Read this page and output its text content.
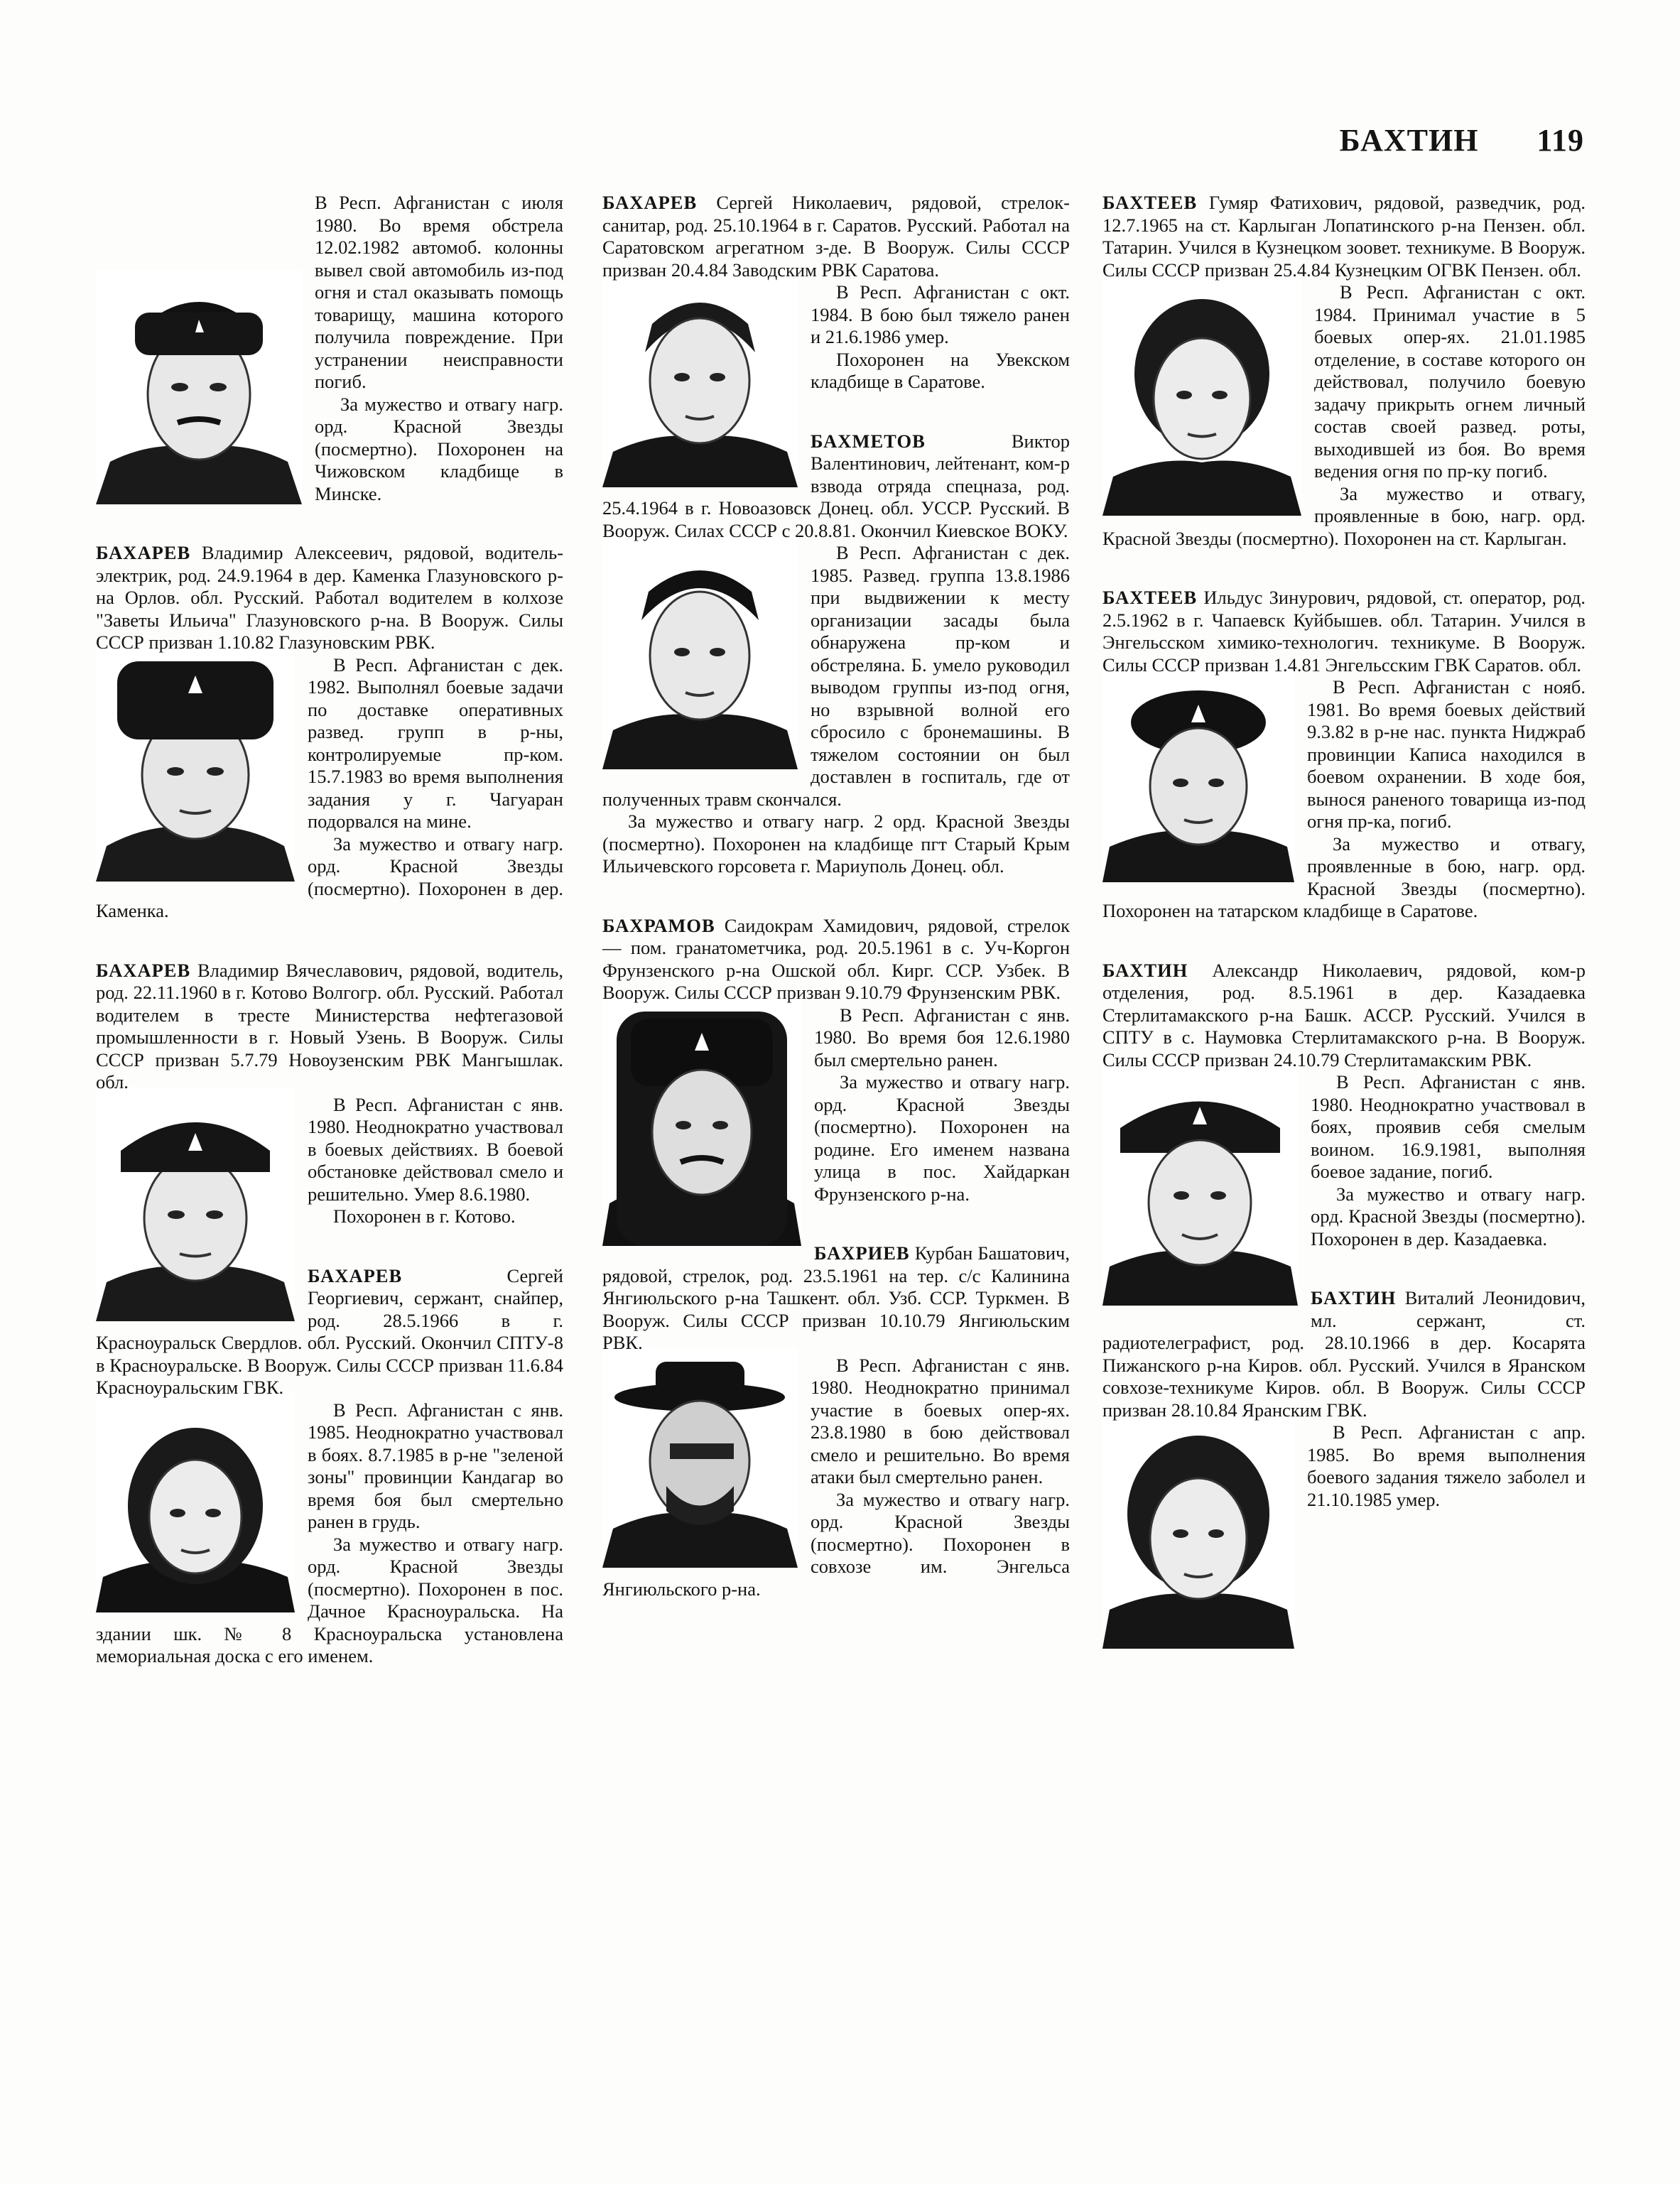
БАХТИН 119

В Респ. Афганистан с июля 1980. Во время обстрела 12.02.1982 автомоб. колонны вывел свой автомобиль из-под огня и стал оказывать помощь товарищу, машина которого получила повреждение. При устранении неисправности погиб.

За мужество и отвагу нагр. орд. Красной Звезды (посмертно). Похоронен на Чижовском кладбище в Минске.

БАХАРЕВ Владимир Алексеевич, рядовой, водитель-электрик, род. 24.9.1964 в дер. Каменка Глазуновского р-на Орлов. обл. Русский. Работал водителем в колхозе "Заветы Ильича" Глазуновского р-на. В Вооруж. Силы СССР призван 1.10.82 Глазуновским РВК.

В Респ. Афганистан с дек. 1982. Выполнял боевые задачи по доставке оперативных развед. групп в р-ны, контролируемые пр-ком. 15.7.1983 во время выполнения задания у г. Чагуаран подорвался на мине.

За мужество и отвагу нагр. орд. Красной Звезды (посмертно). Похоронен в дер. Каменка.

БАХАРЕВ Владимир Вячеславович, рядовой, водитель, род. 22.11.1960 в г. Котово Волгогр. обл. Русский. Работал водителем в тресте Министерства нефтегазовой промышленности в г. Новый Узень. В Вооруж. Силы СССР призван 5.7.79 Новоузенским РВК Мангышлак. обл.

В Респ. Афганистан с янв. 1980. Неоднократно участвовал в боевых действиях. В боевой обстановке действовал смело и решительно. Умер 8.6.1980.

Похоронен в г. Котово.

БАХАРЕВ Сергей Георгиевич, сержант, снайпер, род. 28.5.1966 в г. Красноуральск Свердлов. обл. Русский. Окончил СПТУ-8 в Красноуральске. В Вооруж. Силы СССР призван 11.6.84 Красноуральским ГВК.

В Респ. Афганистан с янв. 1985. Неоднократно участвовал в боях. 8.7.1985 в р-не "зеленой зоны" провинции Кандагар во время боя был смертельно ранен в грудь.

За мужество и отвагу нагр. орд. Красной Звезды (посмертно). Похоронен в пос. Дачное Красноуральска. На здании шк. № 8 Красноуральска установлена мемориальная доска с его именем.

БАХАРЕВ Сергей Николаевич, рядовой, стрелок-санитар, род. 25.10.1964 в г. Саратов. Русский. Работал на Саратовском агрегатном з-де. В Вооруж. Силы СССР призван 20.4.84 Заводским РВК Саратова.

В Респ. Афганистан с окт. 1984. В бою был тяжело ранен и 21.6.1986 умер.

Похоронен на Увекском кладбище в Саратове.

БАХМЕТОВ Виктор Валентинович, лейтенант, ком-р взвода отряда спецназа, род. 25.4.1964 в г. Новоазовск Донец. обл. УССР. Русский. В Вооруж. Силах СССР с 20.8.81. Окончил Киевское ВОКУ.

В Респ. Афганистан с дек. 1985. Развед. группа 13.8.1986 при выдвижении к месту организации засады была обнаружена пр-ком и обстреляна. Б. умело руководил выводом группы из-под огня, но взрывной волной его сбросило с бронемашины. В тяжелом состоянии он был доставлен в госпиталь, где от полученных травм скончался.

За мужество и отвагу нагр. 2 орд. Красной Звезды (посмертно). Похоронен на кладбище пгт Старый Крым Ильичевского горсовета г. Мариуполь Донец. обл.

БАХРАМОВ Саидокрам Хамидович, рядовой, стрелок — пом. гранатометчика, род. 20.5.1961 в с. Уч-Коргон Фрунзенского р-на Ошской обл. Кирг. ССР. Узбек. В Вооруж. Силы СССР призван 9.10.79 Фрунзенским РВК.

В Респ. Афганистан с янв. 1980. Во время боя 12.6.1980 был смертельно ранен.

За мужество и отвагу нагр. орд. Красной Звезды (посмертно). Похоронен на родине. Его именем названа улица в пос. Хайдаркан Фрунзенского р-на.

БАХРИЕВ Курбан Башатович, рядовой, стрелок, род. 23.5.1961 на тер. с/с Калинина Янгиюльского р-на Ташкент. обл. Узб. ССР. Туркмен. В Вооруж. Силы СССР призван 10.10.79 Янгиюльским РВК.

В Респ. Афганистан с янв. 1980. Неоднократно принимал участие в боевых опер-ях. 23.8.1980 в бою действовал смело и решительно. Во время атаки был смертельно ранен.

За мужество и отвагу нагр. орд. Красной Звезды (посмертно). Похоронен в совхозе им. Энгельса Янгиюльского р-на.

БАХТЕЕВ Гумяр Фатихович, рядовой, разведчик, род. 12.7.1965 на ст. Карлыган Лопатинского р-на Пензен. обл. Татарин. Учился в Кузнецком зоовет. техникуме. В Вооруж. Силы СССР призван 25.4.84 Кузнецким ОГВК Пензен. обл.

В Респ. Афганистан с окт. 1984. Принимал участие в 5 боевых опер-ях. 21.01.1985 отделение, в составе которого он действовал, получило боевую задачу прикрыть огнем личный состав своей развед. роты, выходившей из боя. Во время ведения огня по пр-ку погиб.

За мужество и отвагу, проявленные в бою, нагр. орд. Красной Звезды (посмертно). Похоронен на ст. Карлыган.

БАХТЕЕВ Ильдус Зинурович, рядовой, ст. оператор, род. 2.5.1962 в г. Чапаевск Куйбышев. обл. Татарин. Учился в Энгельсском химико-технологич. техникуме. В Вооруж. Силы СССР призван 1.4.81 Энгельсским ГВК Саратов. обл.

В Респ. Афганистан с нояб. 1981. Во время боевых действий 9.3.82 в р-не нас. пункта Ниджраб провинции Каписа находился в боевом охранении. В ходе боя, вынося раненого товарища из-под огня пр-ка, погиб.

За мужество и отвагу, проявленные в бою, нагр. орд. Красной Звезды (посмертно). Похоронен на татарском кладбище в Саратове.

БАХТИН Александр Николаевич, рядовой, ком-р отделения, род. 8.5.1961 в дер. Казадаевка Стерлитамакского р-на Башк. АССР. Русский. Учился в СПТУ в с. Наумовка Стерлитамакского р-на. В Вооруж. Силы СССР призван 24.10.79 Стерлитамакским РВК.

В Респ. Афганистан с янв. 1980. Неоднократно участвовал в боях, проявив себя смелым воином. 16.9.1981, выполняя боевое задание, погиб.

За мужество и отвагу нагр. орд. Красной Звезды (посмертно). Похоронен в дер. Казадаевка.

БАХТИН Виталий Леонидович, мл. сержант, ст. радиотелеграфист, род. 28.10.1966 в дер. Косарята Пижанского р-на Киров. обл. Русский. Учился в Яранском совхозе-техникуме Киров. обл. В Вооруж. Силы СССР призван 28.10.84 Яранским ГВК.

В Респ. Афганистан с апр. 1985. Во время выполнения боевого задания тяжело заболел и 21.10.1985 умер.
